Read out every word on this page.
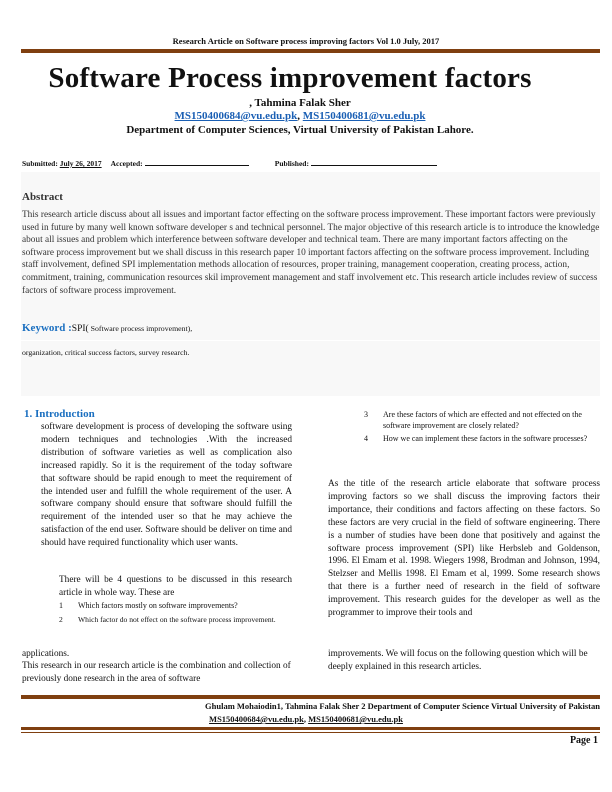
Research Article on Software process improving factors Vol 1.0 July, 2017
Software Process improvement factors
, Tahmina Falak Sher
MS150400684@vu.edu.pk, MS150400681@vu.edu.pk
Department of Computer Sciences, Virtual University of Pakistan Lahore.
Submitted: July 26, 2017 Accepted:	Published:
Abstract
This research article discuss about all issues and important factor effecting on the software process improvement. These important factors were previously used in future by many well known software developer s and technical personnel. The major objective of this research article is to introduce the knowledge about all issues and problem which interference between software developer and technical team. There are many important factors affecting on the software process improvement but we shall discuss in this research paper 10 important factors affecting on the software process improvement. Including staff involvement, defined SPI implementation methods allocation of resources, proper training, management cooperation, creating process, action, commitment, training, communication resources skil improvement management and staff involvement etc. This research article includes review of success factors of software process improvement.
Keyword :SPI( Software process improvement),
organization, critical success factors, survey research.
1. Introduction
software development is process of developing the software using modern techniques and technologies .With the increased distribution of software varieties as well as complication also increased rapidly. So it is the requirement of the today software that software should be rapid enough to meet the requirement of the intended user and fulfill the whole requirement of the user. A software company should ensure that software should fulfill the requirement of the intended user so that he may achieve the satisfaction of the end user. Software should be deliver on time and should have required functionality which user wants.
There will be 4 questions to be discussed in this research article in whole way. These are
1	Which factors mostly on software improvements?
2	Which factor do not effect on the software process improvement.
applications.
This research in our research article is the combination and collection of previously done research in the area of software
3	Are these factors of which are effected and not effected on the software improvement are closely related?
4	How we can implement these factors in the software processes?
As the title of the research article elaborate that software process improving factors so we shall discuss the improving factors their importance, their conditions and factors affecting on these factors. So these factors are very crucial in the field of software engineering. There is a number of studies have been done that positively and against the software process improvement (SPI) like Herbsleb and Goldenson, 1996. El Emam et al. 1998. Wiegers 1998, Brodman and Johnson, 1994, Stelzser and Mellis 1998. El Emam et al, 1999. Some research shows that there is a further need of research in the field of software improvement. This research guides for the developer as well as the programmer to improve their tools and
improvements. We will focus on the following question which will be deeply explained in this research articles.
Ghulam Mohaiodin1, Tahmina Falak Sher 2 Department of Computer Science Virtual University of Pakistan
MS150400684@vu.edu.pk, MS150400681@vu.edu.pk
Page 1
